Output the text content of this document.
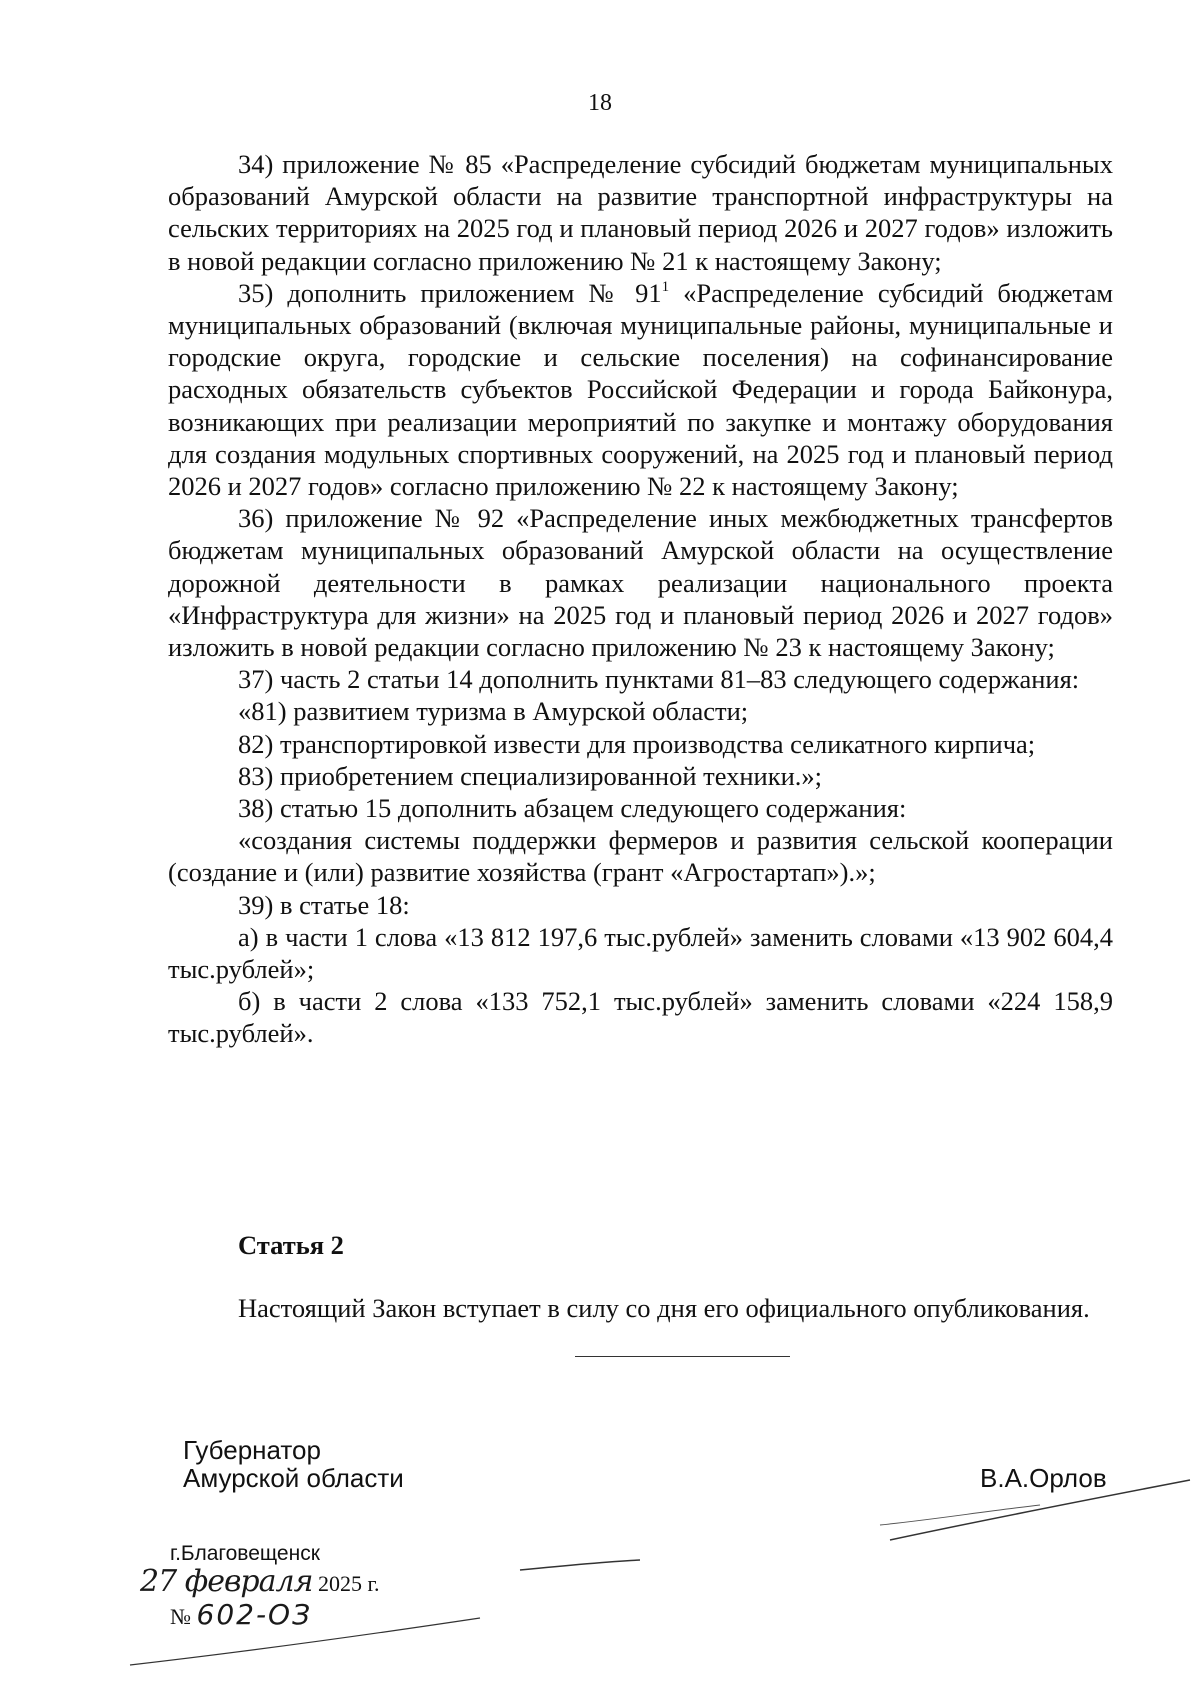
18

34) приложение № 85 «Распределение субсидий бюджетам муниципальных образований Амурской области на развитие транспортной инфраструктуры на сельских территориях на 2025 год и плановый период 2026 и 2027 годов» изложить в новой редакции согласно приложению № 21 к настоящему Закону;

35) дополнить приложением № $91^1$ «Распределение субсидий бюджетам муниципальных образований (включая муниципальные районы, муниципальные и городские округа, городские и сельские поселения) на софинансирование расходных обязательств субъектов Российской Федерации и города Байконура, возникающих при реализации мероприятий по закупке и монтажу оборудования для создания модульных спортивных сооружений, на 2025 год и плановый период 2026 и 2027 годов» согласно приложению № 22 к настоящему Закону;

36) приложение № 92 «Распределение иных межбюджетных трансфертов бюджетам муниципальных образований Амурской области на осуществление дорожной деятельности в рамках реализации национального проекта «Инфраструктура для жизни» на 2025 год и плановый период 2026 и 2027 годов» изложить в новой редакции согласно приложению № 23 к настоящему Закону;

37) часть 2 статьи 14 дополнить пунктами 81–83 следующего содержания:

«81) развитием туризма в Амурской области;

82) транспортировкой извести для производства селикатного кирпича;

83) приобретением специализированной техники.»;

38) статью 15 дополнить абзацем следующего содержания:

«создания системы поддержки фермеров и развития сельской кооперации (создание и (или) развитие хозяйства (грант «Агростартап»).»;

39) в статье 18:

а) в части 1 слова «13 812 197,6 тыс.рублей» заменить словами «13 902 604,4 тыс.рублей»;

б) в части 2 слова «133 752,1 тыс.рублей» заменить словами «224 158,9 тыс.рублей».

Статья 2

Настоящий Закон вступает в силу со дня его официального опубликования.

Губернатор
Амурской области	В.А.Орлов
г.Благовещенск
27 февраля 2025 г.
№ 602-ОЗ
